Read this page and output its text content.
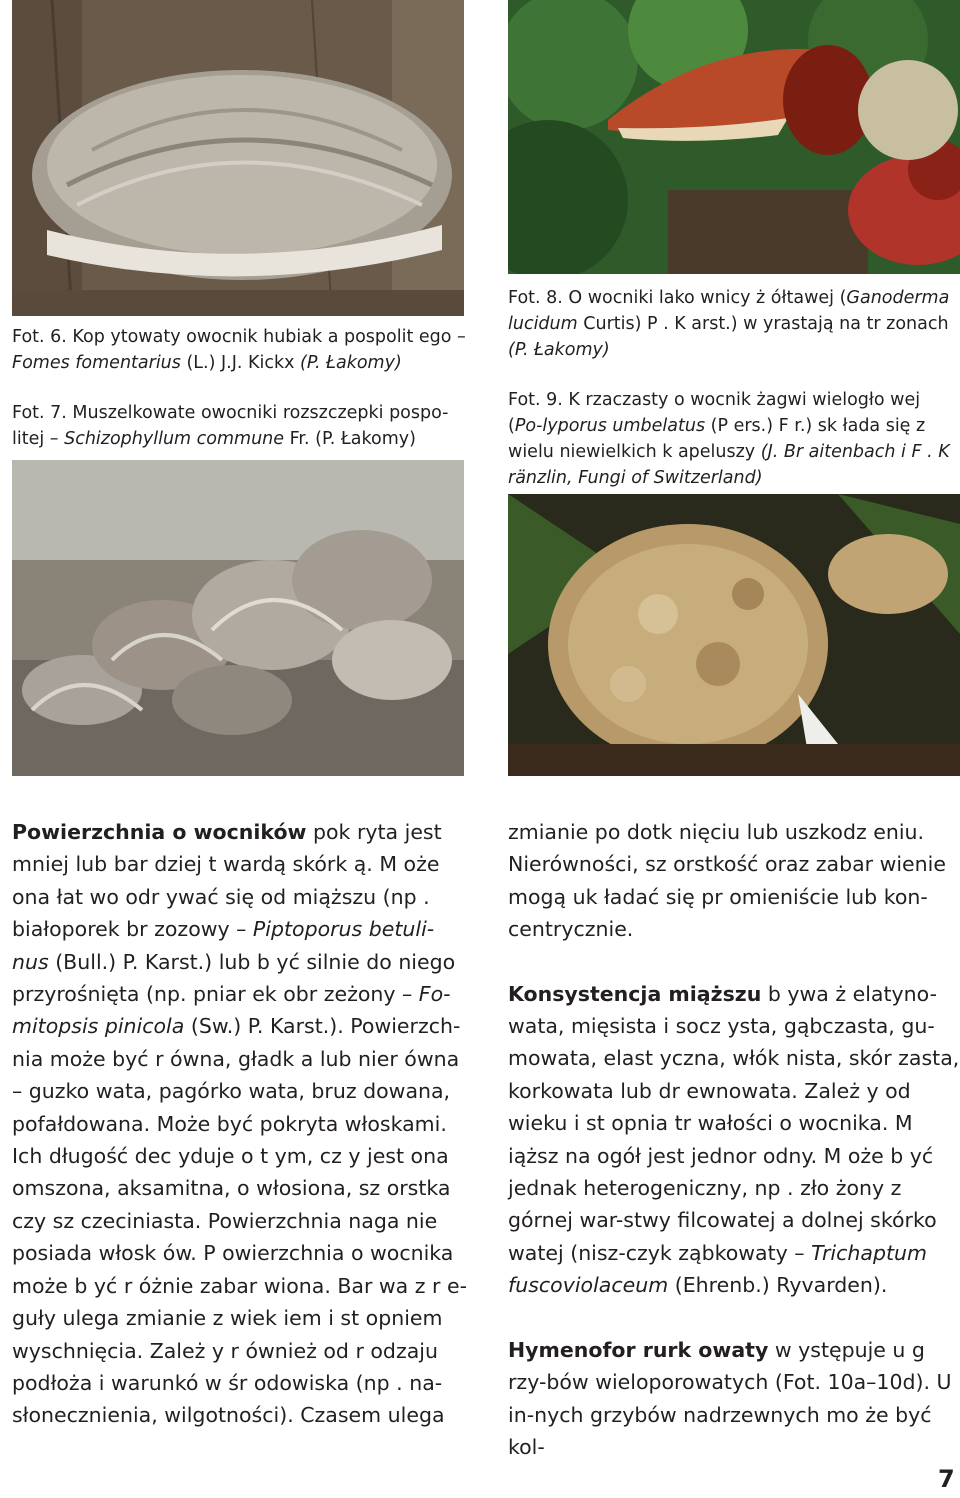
Fot. 6. Kop ytowaty owocnik hubiak a pospolit ego – Fomes fomentarius (L.) J.J. Kickx (P. Łakomy)

Fot. 7. Muszelkowate owocniki rozszczepki pospo-litej – Schizophyllum commune Fr. (P. Łakomy)

Fot. 8. O wocniki lako wnicy ż ółtawej (Ganoderma lucidum Curtis) P . K arst.) w yrastają na tr zonach (P. Łakomy)

Fot. 9. K rzaczasty o wocnik żagwi wielogło wej (Po-lyporus umbelatus (P ers.) F r.) sk łada się z wielu niewielkich k apeluszy (J. Br aitenbach i F . K ränzlin, Fungi of Switzerland)

Powierzchnia o wocników pok ryta jest mniej lub bar dziej t wardą skórk ą. M oże ona łat wo odr ywać się od miąższu (np . białoporek br zozowy – Piptoporus betuli-nus (Bull.) P. Karst.) lub b yć silnie do niego przyrośnięta (np. pniar ek obr zeżony – Fo-mitopsis pinicola (Sw.) P. Karst.). Powierzch-nia może być r ówna, gładk a lub nier ówna – guzko wata, pagórko wata, bruz dowana, pofałdowana. Może być pokryta włoskami. Ich długość dec yduje o t ym, cz y jest ona omszona, aksamitna, o włosiona, sz orstka czy sz czeciniasta. Powierzchnia naga nie posiada włosk ów. P owierzchnia o wocnika może b yć r óżnie zabar wiona. Bar wa z r e-guły ulega zmianie z wiek iem i st opniem wyschnięcia. Zależ y r ównież od r odzaju podłoża i warunkó w śr odowiska (np . na-słonecznienia, wilgotności). Czasem ulega

zmianie po dotk nięciu lub uszkodz eniu. Nierówności, sz orstkość oraz zabar wienie mogą uk ładać się pr omieniście lub kon-centrycznie.

Konsystencja miąższu b ywa ż elatyno-wata, mięsista i socz ysta, gąbczasta, gu-mowata, elast yczna, włók nista, skór zasta, korkowata lub dr ewnowata. Zależ y od wieku i st opnia tr wałości o wocnika. M iąższ na ogół jest jednor odny. M oże b yć jednak heterogeniczny, np . zło żony z górnej war-stwy filcowatej a dolnej skórko watej (nisz-czyk ząbkowaty – Trichaptum fuscoviolaceum (Ehrenb.) Ryvarden).

Hymenofor rurk owaty w ystępuje u g rzy-bów wieloporowatych (Fot. 10a–10d). U in-nych grzybów nadrzewnych mo że być kol-

7
